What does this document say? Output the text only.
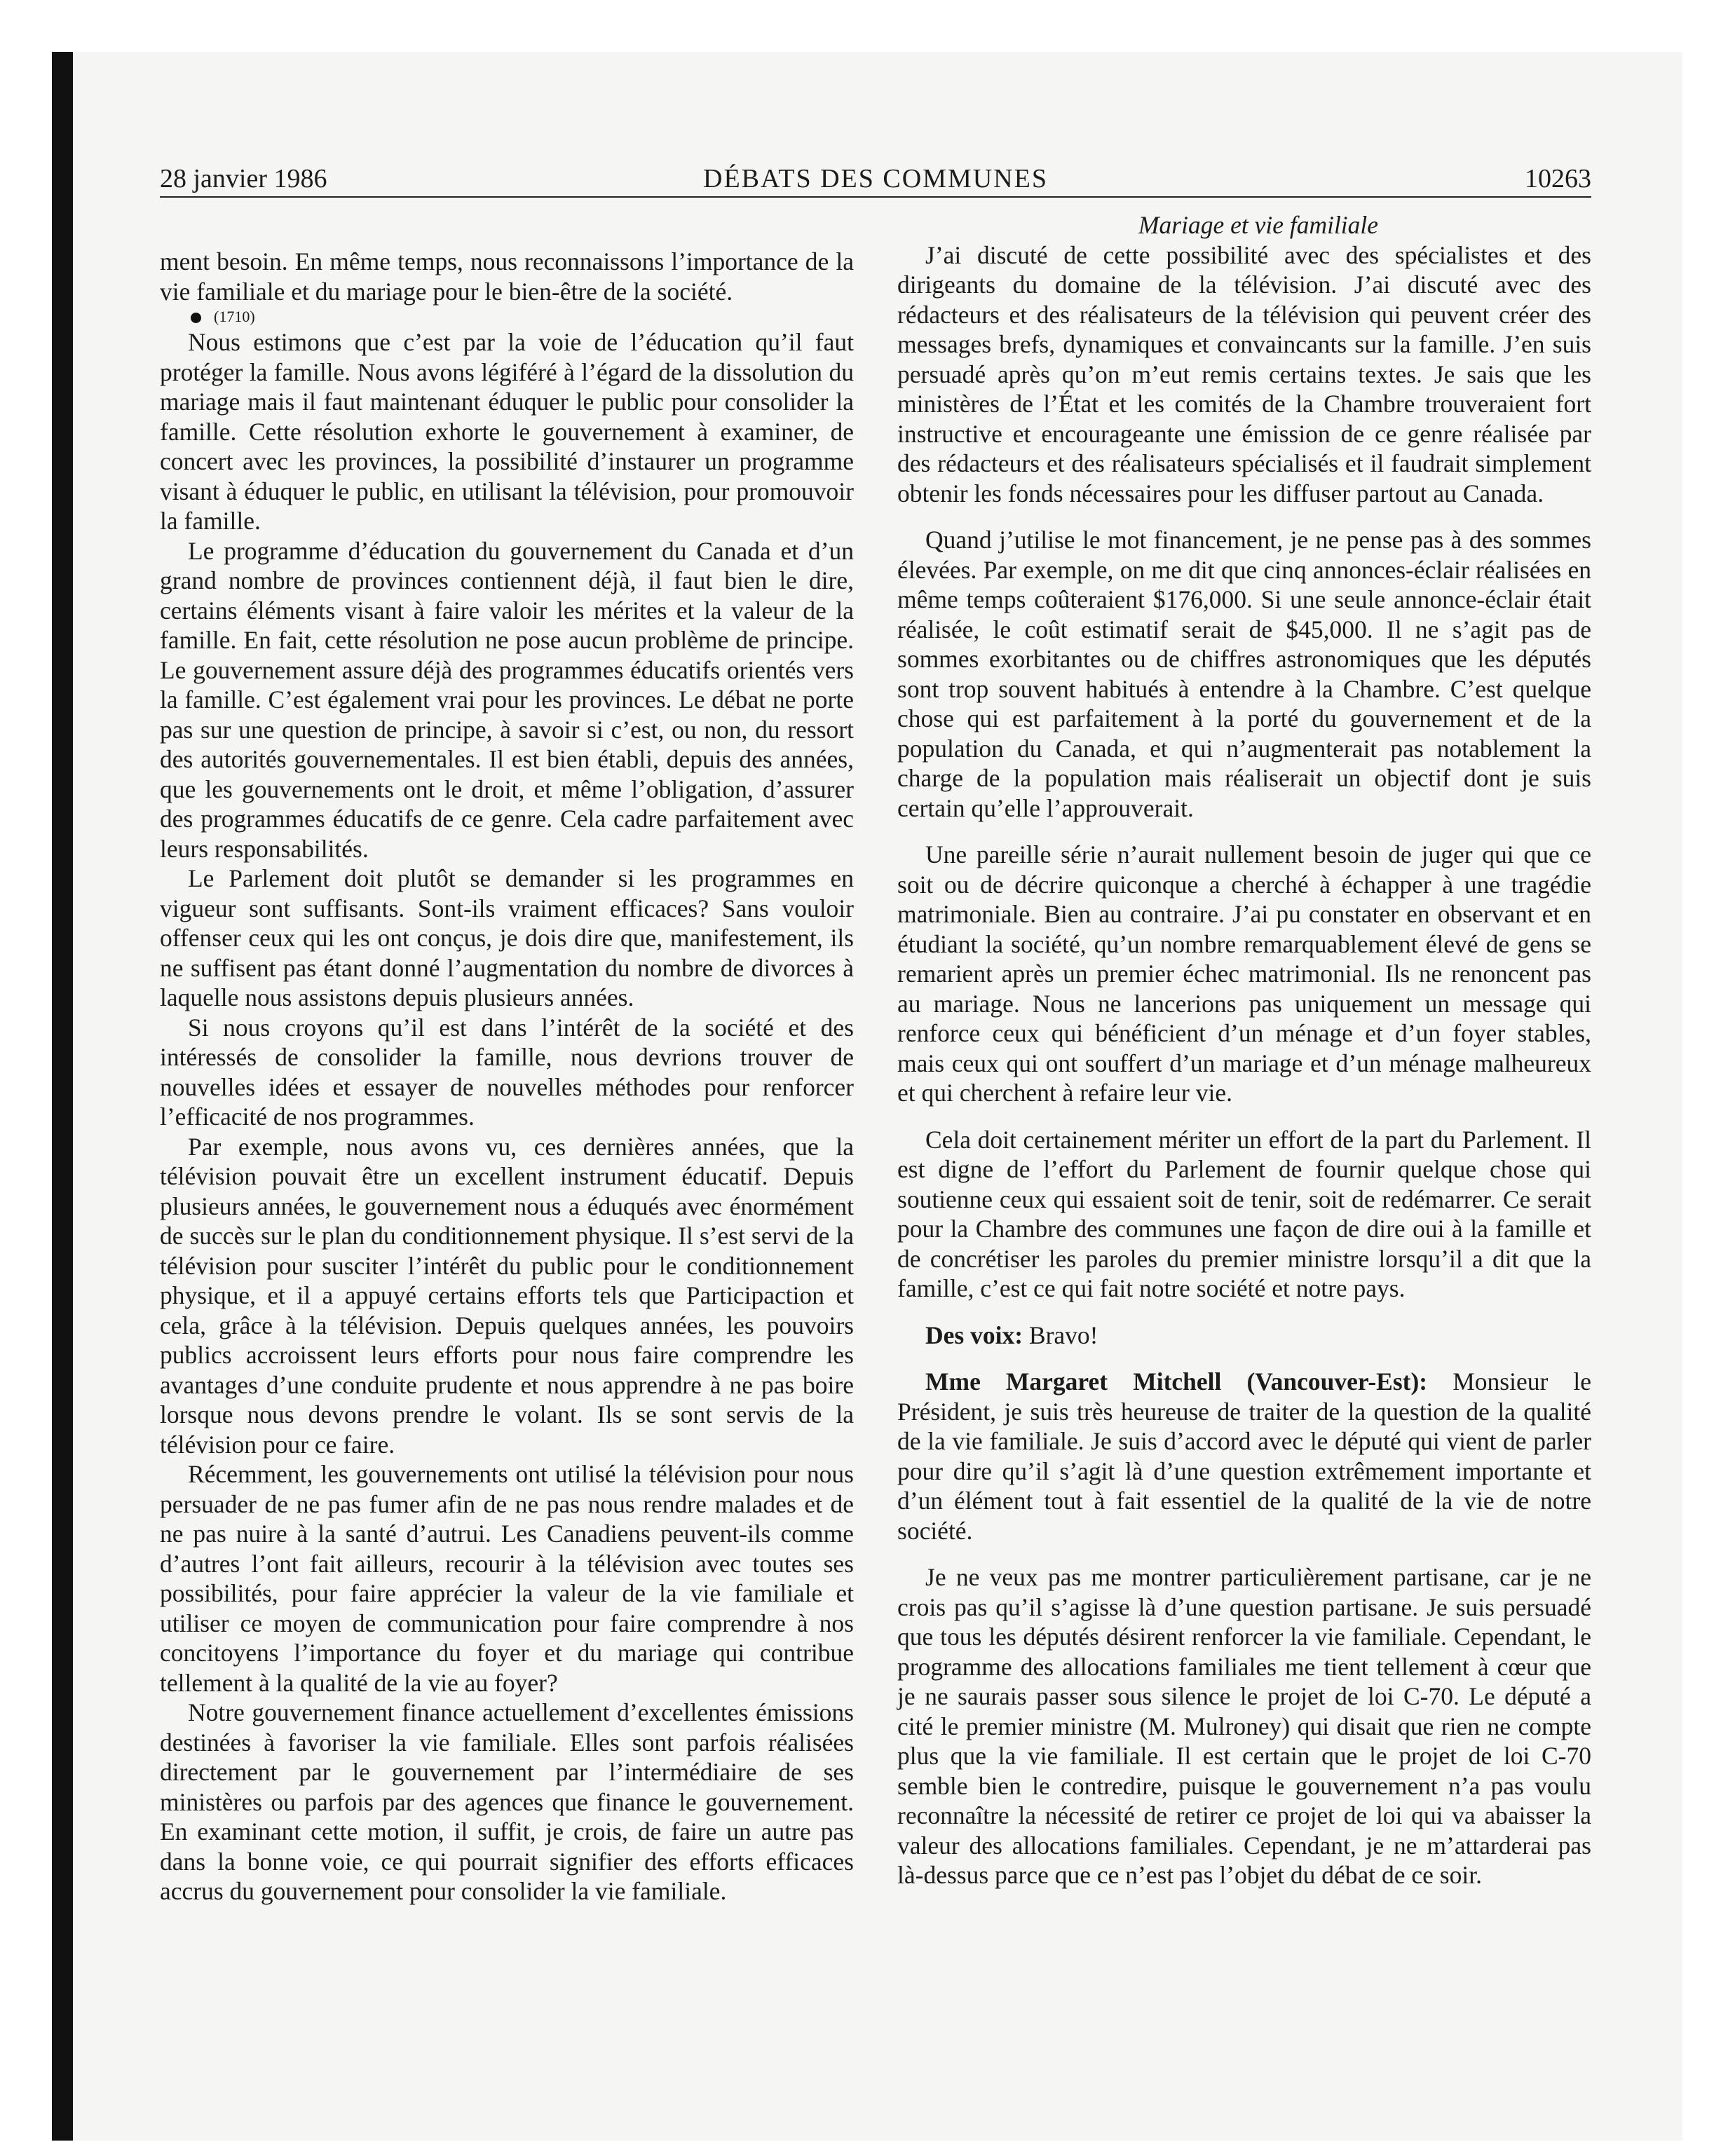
28 janvier 1986	DÉBATS DES COMMUNES	10263

ment besoin. En même temps, nous reconnaissons l’importance de la vie familiale et du mariage pour le bien-être de la société.

(1710)

Nous estimons que c’est par la voie de l’éducation qu’il faut protéger la famille. Nous avons légiféré à l’égard de la dissolution du mariage mais il faut maintenant éduquer le public pour consolider la famille. Cette résolution exhorte le gouvernement à examiner, de concert avec les provinces, la possibilité d’instaurer un programme visant à éduquer le public, en utilisant la télévision, pour promouvoir la famille.

Le programme d’éducation du gouvernement du Canada et d’un grand nombre de provinces contiennent déjà, il faut bien le dire, certains éléments visant à faire valoir les mérites et la valeur de la famille. En fait, cette résolution ne pose aucun problème de principe. Le gouvernement assure déjà des programmes éducatifs orientés vers la famille. C’est également vrai pour les provinces. Le débat ne porte pas sur une question de principe, à savoir si c’est, ou non, du ressort des autorités gouvernementales. Il est bien établi, depuis des années, que les gouvernements ont le droit, et même l’obligation, d’assurer des programmes éducatifs de ce genre. Cela cadre parfaitement avec leurs responsabilités.

Le Parlement doit plutôt se demander si les programmes en vigueur sont suffisants. Sont-ils vraiment efficaces? Sans vouloir offenser ceux qui les ont conçus, je dois dire que, manifestement, ils ne suffisent pas étant donné l’augmentation du nombre de divorces à laquelle nous assistons depuis plusieurs années.

Si nous croyons qu’il est dans l’intérêt de la société et des intéressés de consolider la famille, nous devrions trouver de nouvelles idées et essayer de nouvelles méthodes pour renforcer l’efficacité de nos programmes.

Par exemple, nous avons vu, ces dernières années, que la télévision pouvait être un excellent instrument éducatif. Depuis plusieurs années, le gouvernement nous a éduqués avec énormément de succès sur le plan du conditionnement physique. Il s’est servi de la télévision pour susciter l’intérêt du public pour le conditionnement physique, et il a appuyé certains efforts tels que Participaction et cela, grâce à la télévision. Depuis quelques années, les pouvoirs publics accroissent leurs efforts pour nous faire comprendre les avantages d’une conduite prudente et nous apprendre à ne pas boire lorsque nous devons prendre le volant. Ils se sont servis de la télévision pour ce faire.

Récemment, les gouvernements ont utilisé la télévision pour nous persuader de ne pas fumer afin de ne pas nous rendre malades et de ne pas nuire à la santé d’autrui. Les Canadiens peuvent-ils comme d’autres l’ont fait ailleurs, recourir à la télévision avec toutes ses possibilités, pour faire apprécier la valeur de la vie familiale et utiliser ce moyen de communication pour faire comprendre à nos concitoyens l’importance du foyer et du mariage qui contribue tellement à la qualité de la vie au foyer?

Notre gouvernement finance actuellement d’excellentes émissions destinées à favoriser la vie familiale. Elles sont parfois réalisées directement par le gouvernement par l’intermédiaire de ses ministères ou parfois par des agences que finance le gouvernement. En examinant cette motion, il suffit, je crois, de faire un autre pas dans la bonne voie, ce qui pourrait signifier des efforts efficaces accrus du gouvernement pour consolider la vie familiale.

Mariage et vie familiale

J’ai discuté de cette possibilité avec des spécialistes et des dirigeants du domaine de la télévision. J’ai discuté avec des rédacteurs et des réalisateurs de la télévision qui peuvent créer des messages brefs, dynamiques et convaincants sur la famille. J’en suis persuadé après qu’on m’eut remis certains textes. Je sais que les ministères de l’État et les comités de la Chambre trouveraient fort instructive et encourageante une émission de ce genre réalisée par des rédacteurs et des réalisateurs spécialisés et il faudrait simplement obtenir les fonds nécessaires pour les diffuser partout au Canada.

Quand j’utilise le mot financement, je ne pense pas à des sommes élevées. Par exemple, on me dit que cinq annonces-éclair réalisées en même temps coûteraient $176,000. Si une seule annonce-éclair était réalisée, le coût estimatif serait de $45,000. Il ne s’agit pas de sommes exorbitantes ou de chiffres astronomiques que les députés sont trop souvent habitués à entendre à la Chambre. C’est quelque chose qui est parfaitement à la porté du gouvernement et de la population du Canada, et qui n’augmenterait pas notablement la charge de la population mais réaliserait un objectif dont je suis certain qu’elle l’approuverait.

Une pareille série n’aurait nullement besoin de juger qui que ce soit ou de décrire quiconque a cherché à échapper à une tragédie matrimoniale. Bien au contraire. J’ai pu constater en observant et en étudiant la société, qu’un nombre remarquablement élevé de gens se remarient après un premier échec matrimonial. Ils ne renoncent pas au mariage. Nous ne lancerions pas uniquement un message qui renforce ceux qui bénéficient d’un ménage et d’un foyer stables, mais ceux qui ont souffert d’un mariage et d’un ménage malheureux et qui cherchent à refaire leur vie.

Cela doit certainement mériter un effort de la part du Parlement. Il est digne de l’effort du Parlement de fournir quelque chose qui soutienne ceux qui essaient soit de tenir, soit de redémarrer. Ce serait pour la Chambre des communes une façon de dire oui à la famille et de concrétiser les paroles du premier ministre lorsqu’il a dit que la famille, c’est ce qui fait notre société et notre pays.

Des voix: Bravo!

Mme Margaret Mitchell (Vancouver-Est): Monsieur le Président, je suis très heureuse de traiter de la question de la qualité de la vie familiale. Je suis d’accord avec le député qui vient de parler pour dire qu’il s’agit là d’une question extrêmement importante et d’un élément tout à fait essentiel de la qualité de la vie de notre société.

Je ne veux pas me montrer particulièrement partisane, car je ne crois pas qu’il s’agisse là d’une question partisane. Je suis persuadé que tous les députés désirent renforcer la vie familiale. Cependant, le programme des allocations familiales me tient tellement à cœur que je ne saurais passer sous silence le projet de loi C-70. Le député a cité le premier ministre (M. Mulroney) qui disait que rien ne compte plus que la vie familiale. Il est certain que le projet de loi C-70 semble bien le contredire, puisque le gouvernement n’a pas voulu reconnaître la nécessité de retirer ce projet de loi qui va abaisser la valeur des allocations familiales. Cependant, je ne m’attarderai pas là-dessus parce que ce n’est pas l’objet du débat de ce soir.
